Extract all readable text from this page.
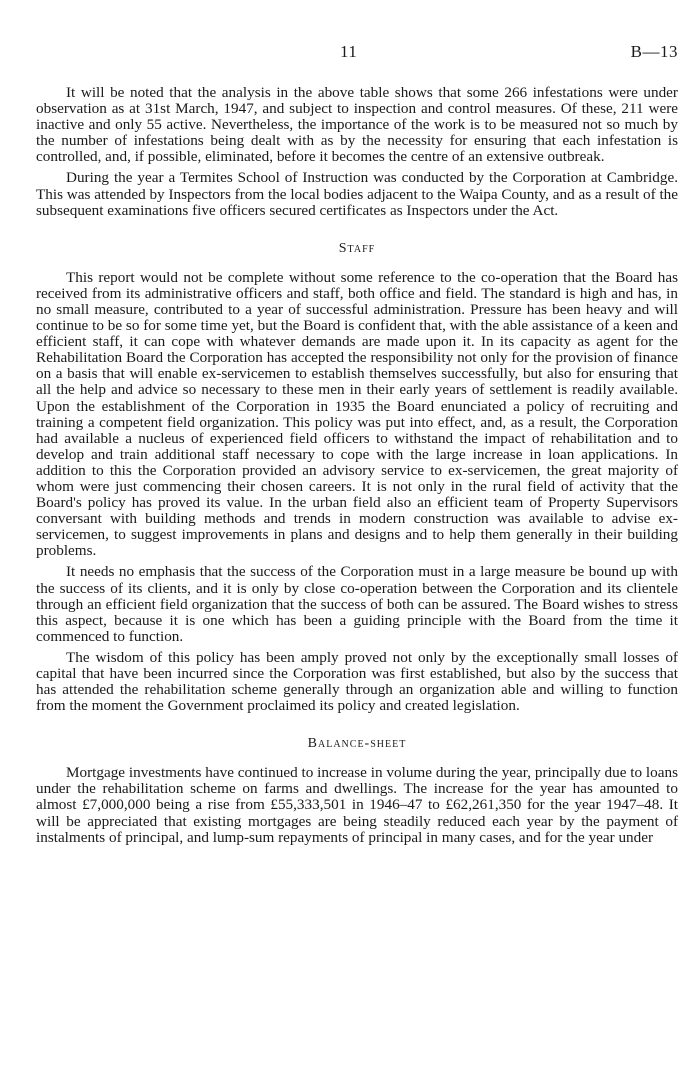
11	B—13

It will be noted that the analysis in the above table shows that some 266 infestations were under observation as at 31st March, 1947, and subject to inspection and control measures. Of these, 211 were inactive and only 55 active. Nevertheless, the importance of the work is to be measured not so much by the number of infestations being dealt with as by the necessity for ensuring that each infestation is controlled, and, if possible, eliminated, before it becomes the centre of an extensive outbreak.

During the year a Termites School of Instruction was conducted by the Corporation at Cambridge. This was attended by Inspectors from the local bodies adjacent to the Waipa County, and as a result of the subsequent examinations five officers secured certificates as Inspectors under the Act.

Staff

This report would not be complete without some reference to the co-operation that the Board has received from its administrative officers and staff, both office and field. The standard is high and has, in no small measure, contributed to a year of successful administration. Pressure has been heavy and will continue to be so for some time yet, but the Board is confident that, with the able assistance of a keen and efficient staff, it can cope with whatever demands are made upon it. In its capacity as agent for the Rehabilitation Board the Corporation has accepted the responsibility not only for the provision of finance on a basis that will enable ex-servicemen to establish themselves successfully, but also for ensuring that all the help and advice so necessary to these men in their early years of settlement is readily available. Upon the establishment of the Corporation in 1935 the Board enunciated a policy of recruiting and training a competent field organization. This policy was put into effect, and, as a result, the Corporation had available a nucleus of experienced field officers to withstand the impact of rehabilitation and to develop and train additional staff necessary to cope with the large increase in loan applications. In addition to this the Corporation provided an advisory service to ex-servicemen, the great majority of whom were just commencing their chosen careers. It is not only in the rural field of activity that the Board's policy has proved its value. In the urban field also an efficient team of Property Supervisors conversant with building methods and trends in modern construction was available to advise ex-servicemen, to suggest improvements in plans and designs and to help them generally in their building problems.

It needs no emphasis that the success of the Corporation must in a large measure be bound up with the success of its clients, and it is only by close co-operation between the Corporation and its clientele through an efficient field organization that the success of both can be assured. The Board wishes to stress this aspect, because it is one which has been a guiding principle with the Board from the time it commenced to function.

The wisdom of this policy has been amply proved not only by the exceptionally small losses of capital that have been incurred since the Corporation was first established, but also by the success that has attended the rehabilitation scheme generally through an organization able and willing to function from the moment the Government proclaimed its policy and created legislation.

Balance-sheet

Mortgage investments have continued to increase in volume during the year, principally due to loans under the rehabilitation scheme on farms and dwellings. The increase for the year has amounted to almost £7,000,000 being a rise from £55,333,501 in 1946–47 to £62,261,350 for the year 1947–48. It will be appreciated that existing mortgages are being steadily reduced each year by the payment of instalments of principal, and lump-sum repayments of principal in many cases, and for the year under
